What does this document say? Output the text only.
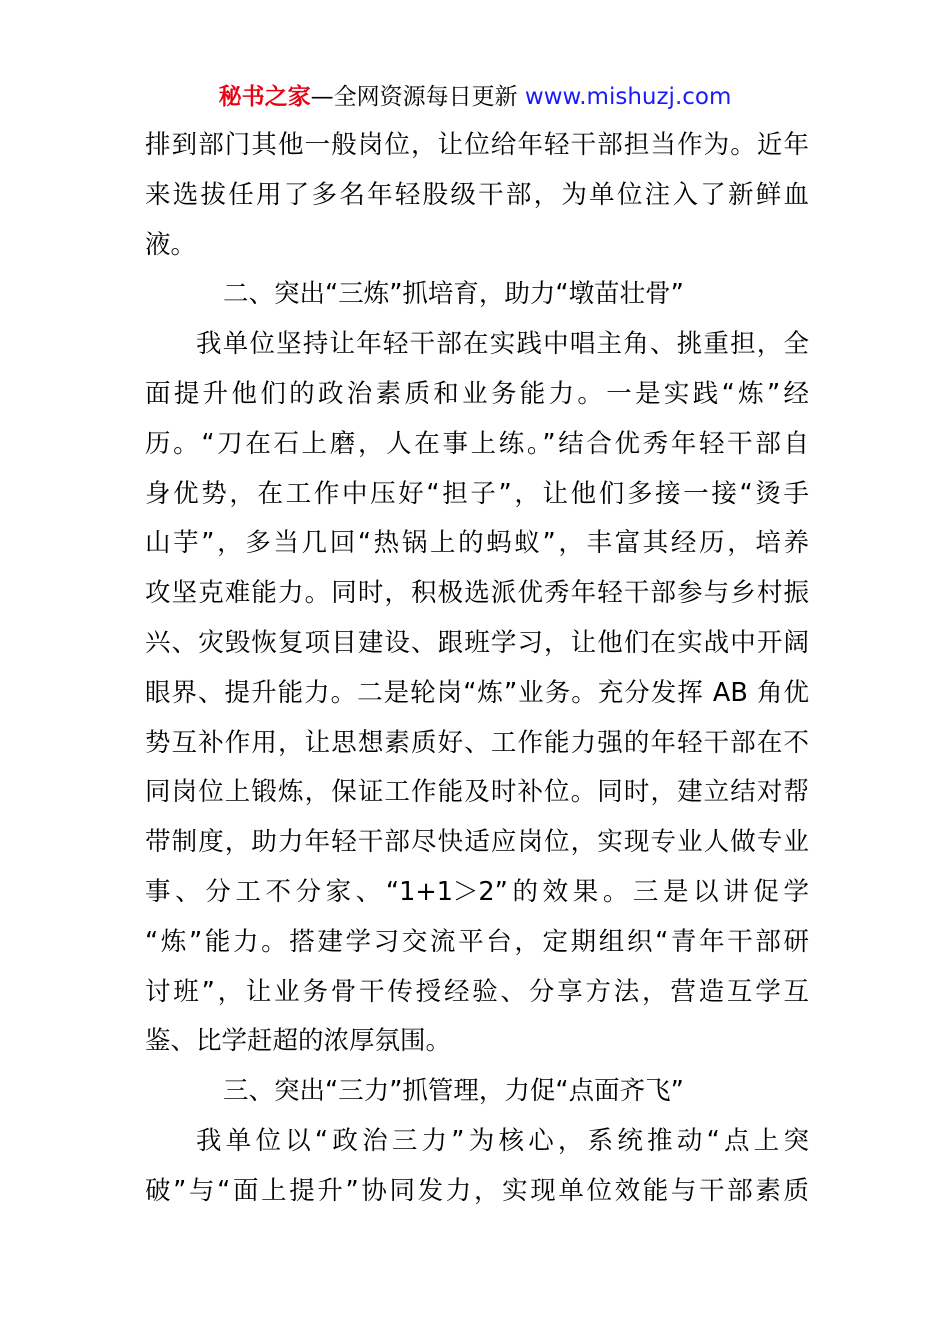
秘书之家—全网资源每日更新 www.mishuzj.com
排到部门其他一般岗位，让位给年轻干部担当作为。近年
来选拔任用了多名年轻股级干部，为单位注入了新鲜血
液。
二、突出“三炼”抓培育，助力“墩苗壮骨”
我单位坚持让年轻干部在实践中唱主角、挑重担，全
面提升他们的政治素质和业务能力。一是实践“炼”经
历。“刀在石上磨，人在事上练。”结合优秀年轻干部自
身优势，在工作中压好“担子”，让他们多接一接“烫手
山芋”，多当几回“热锅上的蚂蚁”，丰富其经历，培养
攻坚克难能力。同时，积极选派优秀年轻干部参与乡村振
兴、灾毁恢复项目建设、跟班学习，让他们在实战中开阔
眼界、提升能力。二是轮岗“炼”业务。充分发挥 AB 角优
势互补作用，让思想素质好、工作能力强的年轻干部在不
同岗位上锻炼，保证工作能及时补位。同时，建立结对帮
带制度，助力年轻干部尽快适应岗位，实现专业人做专业
事、分工不分家、“1+1＞2”的效果。三是以讲促学
“炼”能力。搭建学习交流平台，定期组织“青年干部研
讨班”，让业务骨干传授经验、分享方法，营造互学互
鉴、比学赶超的浓厚氛围。
三、突出“三力”抓管理，力促“点面齐飞”
我单位以“政治三力”为核心，系统推动“点上突
破”与“面上提升”协同发力，实现单位效能与干部素质
